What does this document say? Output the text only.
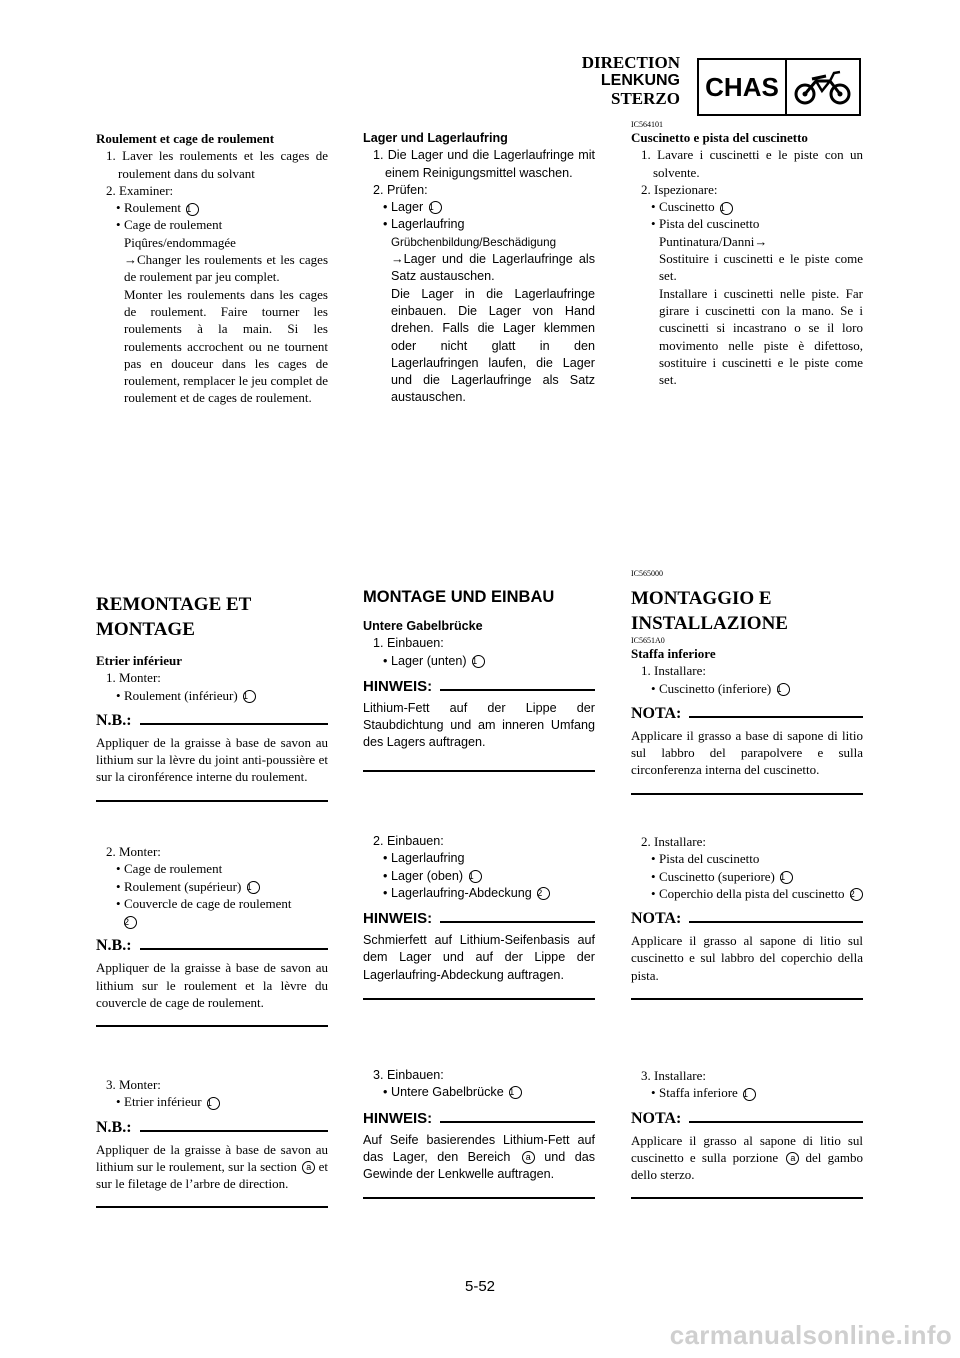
DIRECTION
LENKUNG
STERZO CHAS
Roulement et cage de roulement
1. Laver les roulements et les cages de roulement dans du solvant
2. Examiner:
• Roulement 1
• Cage de roulement
Piqûres/endommagée
→Changer les roulements et les cages de roulement par jeu complet.
Monter les roulements dans les cages de roulement. Faire tourner les roulements à la main. Si les roulements accrochent ou ne tournent pas en douceur dans les cages de roulement, remplacer le jeu complet de roulement et de cages de roulement.
REMONTAGE ET MONTAGE
Etrier inférieur
1. Monter:
• Roulement (inférieur) 1
N.B.:
Appliquer de la graisse à base de savon au lithium sur la lèvre du joint anti-poussière et sur la cironférence interne du roulement.
2. Monter:
• Cage de roulement
• Roulement (supérieur) 1
• Couvercle de cage de roulement
2
N.B.:
Appliquer de la graisse à base de savon au lithium sur le roulement et la lèvre du couvercle de cage de roulement.
3. Monter:
• Etrier inférieur 1
N.B.:
Appliquer de la graisse à base de savon au lithium sur le roulement, sur la section a et sur le filetage de l’arbre de direction.
Lager und Lagerlaufring
1. Die Lager und die Lagerlaufringe mit einem Reinigungsmittel waschen.
2. Prüfen:
• Lager 1
• Lagerlaufring
Grübchenbildung/Beschädigung
→Lager und die Lagerlaufringe als Satz austauschen.
Die Lager in die Lagerlaufringe einbauen. Die Lager von Hand drehen. Falls die Lager klemmen oder nicht glatt in den Lagerlaufringen laufen, die Lager und die Lagerlaufringe als Satz austauschen.
MONTAGE UND EINBAU
Untere Gabelbrücke
1. Einbauen:
• Lager (unten) 1
HINWEIS:
Lithium-Fett auf der Lippe der Staubdichtung und am inneren Umfang des Lagers auftragen.
2. Einbauen:
• Lagerlaufring
• Lager (oben) 1
• Lagerlaufring-Abdeckung 2
HINWEIS:
Schmierfett auf Lithium-Seifenbasis auf dem Lager und auf der Lippe der Lagerlaufring-Abdeckung auftragen.
3. Einbauen:
• Untere Gabelbrücke 1
HINWEIS:
Auf Seife basierendes Lithium-Fett auf das Lager, den Bereich a und das Gewinde der Lenkwelle auftragen.
IC564101
Cuscinetto e pista del cuscinetto
1. Lavare i cuscinetti e le piste con un solvente.
2. Ispezionare:
• Cuscinetto 1
• Pista del cuscinetto
Puntinatura/Danni→
Sostituire i cuscinetti e le piste come set.
Installare i cuscinetti nelle piste. Far girare i cuscinetti con la mano. Se i cuscinetti si incastrano o se il loro movimento nelle piste è difettoso, sostituire i cuscinetti e le piste come set.
IC565000
MONTAGGIO E INSTALLAZIONE
IC5651A0
Staffa inferiore
1. Installare:
• Cuscinetto (inferiore) 1
NOTA:
Applicare il grasso a base di sapone di litio sul labbro del parapolvere e sulla circonferenza interna del cuscinetto.
2. Installare:
• Pista del cuscinetto
• Cuscinetto (superiore) 1
• Coperchio della pista del cuscinetto 2
NOTA:
Applicare il grasso al sapone di litio sul cuscinetto e sul labbro del coperchio della pista.
3. Installare:
• Staffa inferiore 1
NOTA:
Applicare il grasso al sapone di litio sul cuscinetto e sulla porzione a del gambo dello sterzo.
5-52
carmanualsonline.info
